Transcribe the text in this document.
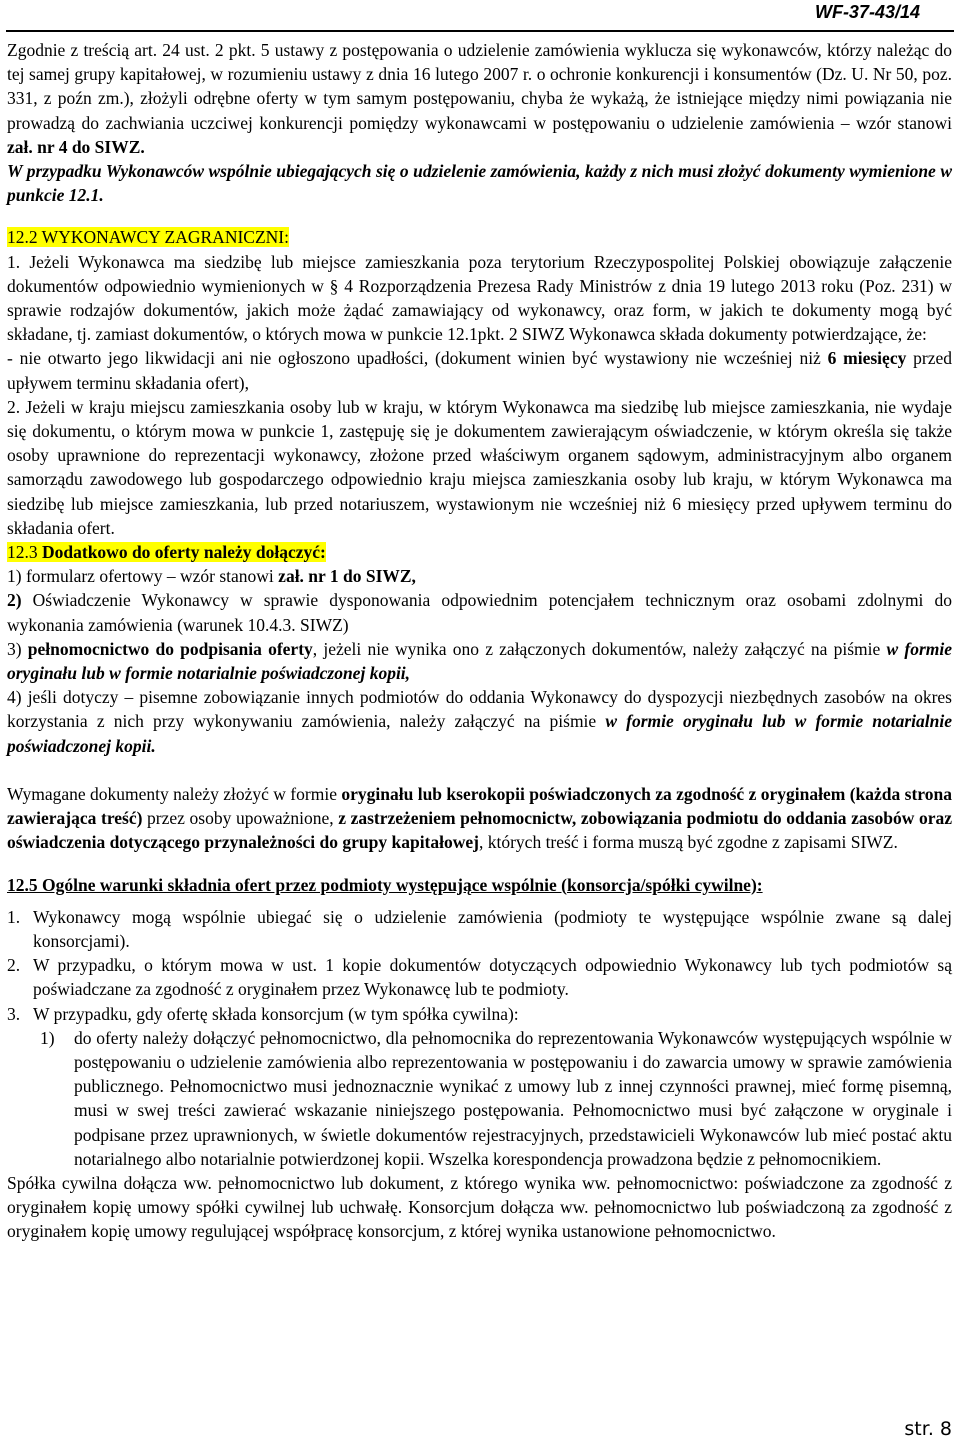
WF-37-43/14

Zgodnie z treścią art. 24 ust. 2 pkt. 5 ustawy z postępowania o udzielenie zamówienia wyklucza się wykonawców, którzy należąc do tej samej grupy kapitałowej, w rozumieniu ustawy z dnia 16 lutego 2007 r. o ochronie konkurencji i konsumentów (Dz. U. Nr 50, poz. 331, z poźn zm.), złożyli odrębne oferty w tym samym postępowaniu, chyba że wykażą, że istniejące między nimi powiązania nie prowadzą do zachwiania uczciwej konkurencji pomiędzy wykonawcami w postępowaniu o udzielenie zamówienia – wzór stanowi zał. nr 4 do SIWZ.

W przypadku Wykonawców wspólnie ubiegających się o udzielenie zamówienia, każdy z nich musi złożyć dokumenty wymienione w punkcie 12.1.

12.2 WYKONAWCY ZAGRANICZNI:

1. Jeżeli Wykonawca ma siedzibę lub miejsce zamieszkania poza terytorium Rzeczypospolitej Polskiej obowiązuje załączenie dokumentów odpowiednio wymienionych w § 4 Rozporządzenia Prezesa Rady Ministrów z dnia 19 lutego 2013 roku (Poz. 231) w sprawie rodzajów dokumentów, jakich może żądać zamawiający od wykonawcy, oraz form, w jakich te dokumenty mogą być składane, tj. zamiast dokumentów, o których mowa w punkcie 12.1pkt. 2 SIWZ Wykonawca składa dokumenty potwierdzające, że:

- nie otwarto jego likwidacji ani nie ogłoszono upadłości, (dokument winien być wystawiony nie wcześniej niż 6 miesięcy przed upływem terminu składania ofert),

2. Jeżeli w kraju miejscu zamieszkania osoby lub w kraju, w którym Wykonawca ma siedzibę lub miejsce zamieszkania, nie wydaje się dokumentu, o którym mowa w punkcie 1, zastępuję się je dokumentem zawierającym oświadczenie, w którym określa się także osoby uprawnione do reprezentacji wykonawcy, złożone przed właściwym organem sądowym, administracyjnym albo organem samorządu zawodowego lub gospodarczego odpowiednio kraju miejsca zamieszkania osoby lub kraju, w którym Wykonawca ma siedzibę lub miejsce zamieszkania, lub przed notariuszem, wystawionym nie wcześniej niż 6 miesięcy przed upływem terminu do składania ofert.

12.3 Dodatkowo do oferty należy dołączyć:

1) formularz ofertowy – wzór stanowi zał. nr 1 do SIWZ,

2) Oświadczenie Wykonawcy w sprawie dysponowania odpowiednim potencjałem technicznym oraz osobami zdolnymi do wykonania zamówienia (warunek 10.4.3. SIWZ)

3) pełnomocnictwo do podpisania oferty, jeżeli nie wynika ono z załączonych dokumentów, należy załączyć na piśmie w formie oryginału lub w formie notarialnie poświadczonej kopii,

4) jeśli dotyczy – pisemne zobowiązanie innych podmiotów do oddania Wykonawcy do dyspozycji niezbędnych zasobów na okres korzystania z nich przy wykonywaniu zamówienia, należy załączyć na piśmie w formie oryginału lub w formie notarialnie poświadczonej kopii.

Wymagane dokumenty należy złożyć w formie oryginału lub kserokopii poświadczonych za zgodność z oryginałem (każda strona zawierająca treść) przez osoby upoważnione, z zastrzeżeniem pełnomocnictw, zobowiązania podmiotu do oddania zasobów oraz oświadczenia dotyczącego przynależności do grupy kapitałowej, których treść i forma muszą być zgodne z zapisami SIWZ.

12.5 Ogólne warunki składnia ofert przez podmioty występujące wspólnie (konsorcja/spółki cywilne):

1. Wykonawcy mogą wspólnie ubiegać się o udzielenie zamówienia (podmioty te występujące wspólnie zwane są dalej konsorcjami).
2. W przypadku, o którym mowa w ust. 1 kopie dokumentów dotyczących odpowiednio Wykonawcy lub tych podmiotów są poświadczane za zgodność z oryginałem przez Wykonawcę lub te podmioty.
3. W przypadku, gdy ofertę składa konsorcjum (w tym spółka cywilna):
1)	do oferty należy dołączyć pełnomocnictwo, dla pełnomocnika do reprezentowania Wykonawców występujących wspólnie w postępowaniu o udzielenie zamówienia albo reprezentowania w postępowaniu i do zawarcia umowy w sprawie zamówienia publicznego. Pełnomocnictwo musi jednoznacznie wynikać z umowy lub z innej czynności prawnej, mieć formę pisemną, musi w swej treści zawierać wskazanie niniejszego postępowania. Pełnomocnictwo musi być załączone w oryginale i podpisane przez uprawnionych, w świetle dokumentów rejestracyjnych, przedstawicieli Wykonawców lub mieć postać aktu notarialnego albo notarialnie potwierdzonej kopii. Wszelka korespondencja prowadzona będzie z pełnomocnikiem.

Spółka cywilna dołącza ww. pełnomocnictwo lub dokument, z którego wynika ww. pełnomocnictwo: poświadczone za zgodność z oryginałem kopię umowy spółki cywilnej lub uchwałę. Konsorcjum dołącza ww. pełnomocnictwo lub poświadczoną za zgodność z oryginałem kopię umowy regulującej współpracę konsorcjum, z której wynika ustanowione pełnomocnictwo.

str. 8
